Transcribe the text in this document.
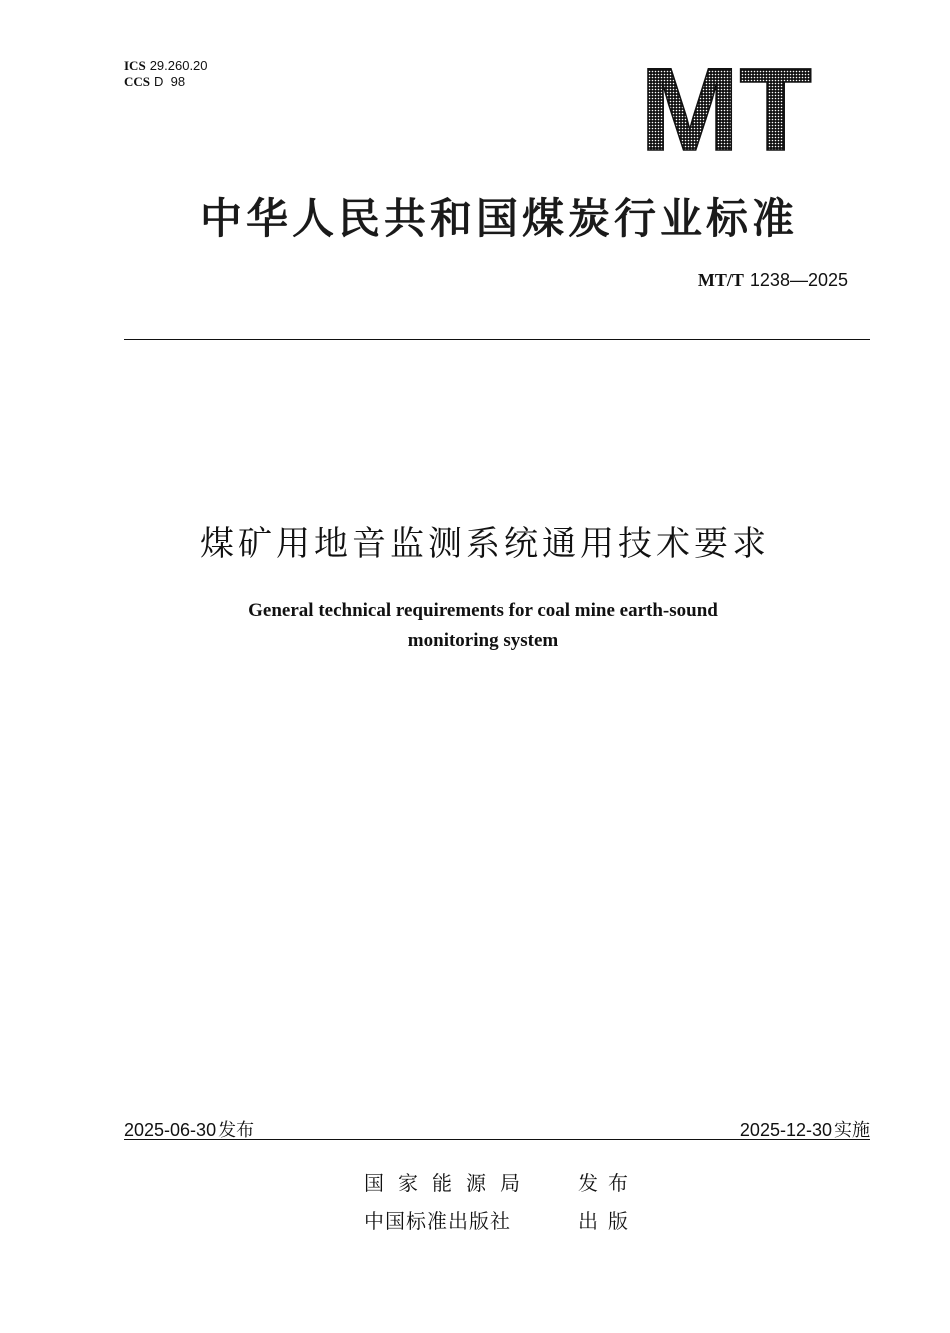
ICS 29.260.20
CCS D  98	MT
中华人民共和国煤炭行业标准
MT/T 1238—2025
煤矿用地音监测系统通用技术要求
General technical requirements for coal mine earth-sound
monitoring system
2025-06-30 发布	2025-12-30 实施
国家能源局 发布
中国标准出版社	出版
